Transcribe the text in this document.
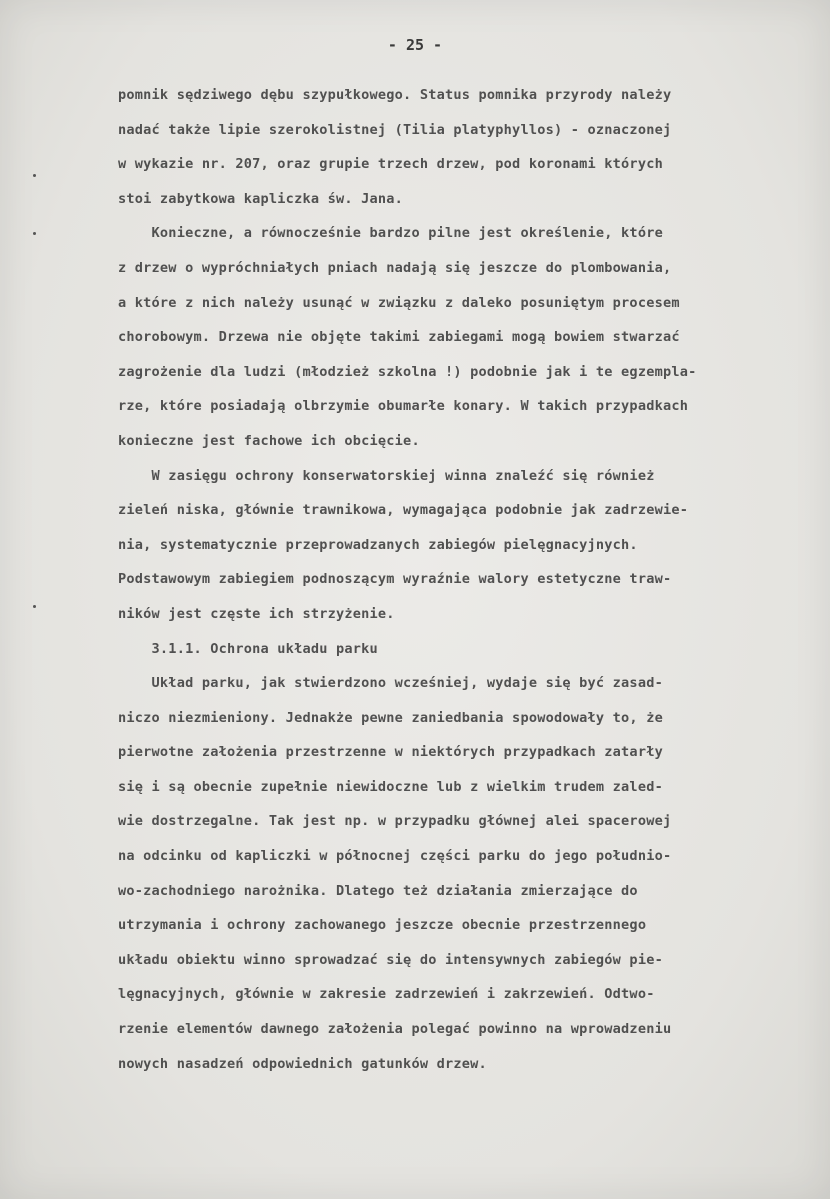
- 25 -
pomnik sędziwego dębu szypułkowego. Status pomnika przyrody należy
nadać także lipie szerokolistnej (Tilia platyphyllos) - oznaczonej
w wykazie nr. 207, oraz grupie trzech drzew, pod koronami których
stoi zabytkowa kapliczka św. Jana.
Konieczne, a równocześnie bardzo pilne jest określenie, które
z drzew o wypróchniałych pniach nadają się jeszcze do plombowania,
a które z nich należy usunąć w związku z daleko posuniętym procesem
chorobowym. Drzewa nie objęte takimi zabiegami mogą bowiem stwarzać
zagrożenie dla ludzi (młodzież szkolna !) podobnie jak i te egzempla-
rze, które posiadają olbrzymie obumarłe konary. W takich przypadkach
konieczne jest fachowe ich obcięcie.
W zasięgu ochrony konserwatorskiej winna znaleźć się również
zieleń niska, głównie trawnikowa, wymagająca podobnie jak zadrzewie-
nia, systematycznie przeprowadzanych zabiegów pielęgnacyjnych.
Podstawowym zabiegiem podnoszącym wyraźnie walory estetyczne traw-
ników jest częste ich strzyżenie.
3.1.1. Ochrona układu parku
Układ parku, jak stwierdzono wcześniej, wydaje się być zasad-
niczo niezmieniony. Jednakże pewne zaniedbania spowodowały to, że
pierwotne założenia przestrzenne w niektórych przypadkach zatarły
się i są obecnie zupełnie niewidoczne lub z wielkim trudem zaled-
wie dostrzegalne. Tak jest np. w przypadku głównej alei spacerowej
na odcinku od kapliczki w północnej części parku do jego południo-
wo-zachodniego narożnika. Dlatego też działania zmierzające do
utrzymania i ochrony zachowanego jeszcze obecnie przestrzennego
układu obiektu winno sprowadzać się do intensywnych zabiegów pie-
lęgnacyjnych, głównie w zakresie zadrzewień i zakrzewień. Odtwo-
rzenie elementów dawnego założenia polegać powinno na wprowadzeniu
nowych nasadzeń odpowiednich gatunków drzew.
